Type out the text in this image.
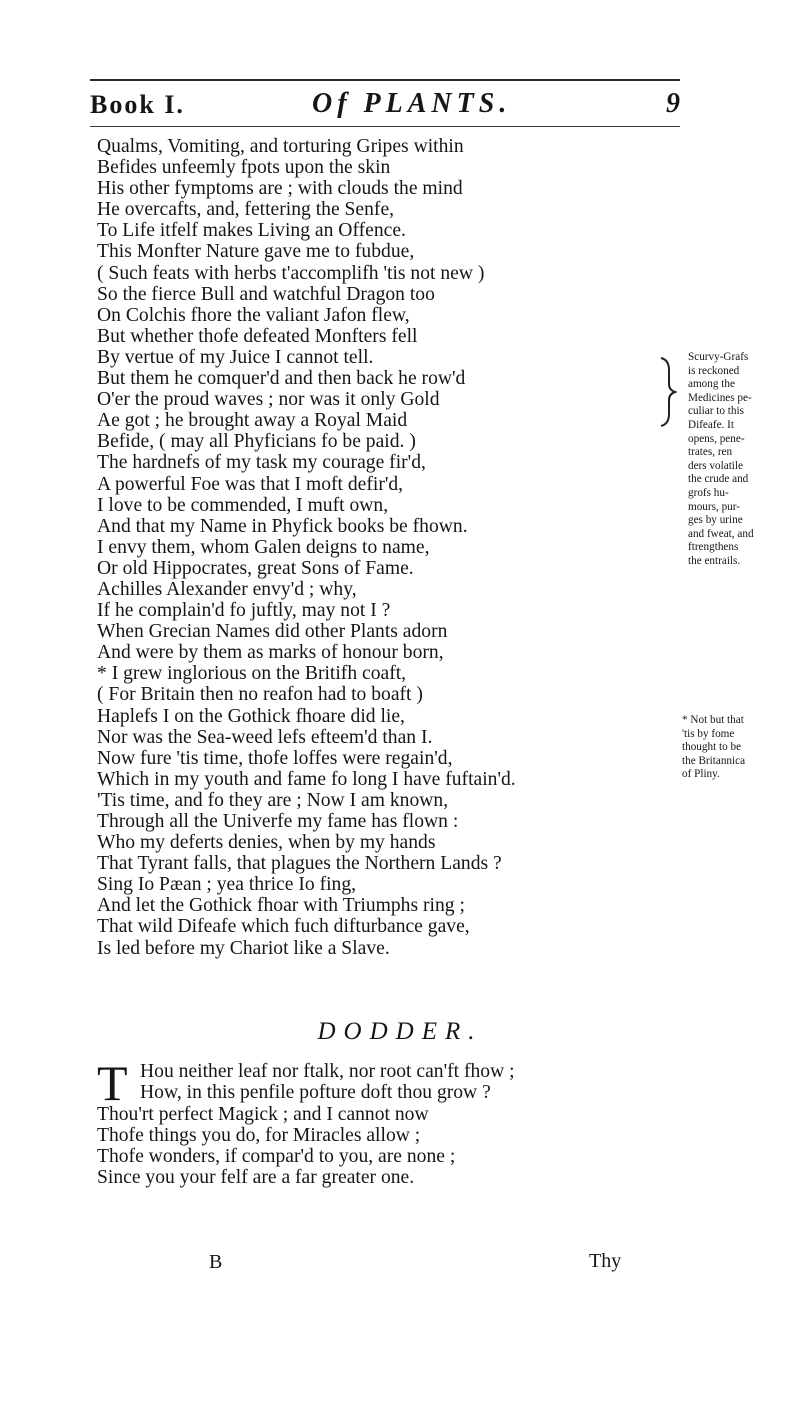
Book I.	Of PLANTS.	9
Qualms, Vomiting, and torturing Gripes within
Befides unfeemly fpots upon the skin
His other fymptoms are ; with clouds the mind
He overcafts, and, fettering the Senfe,
To Life itfelf makes Living an Offence.
This Monfter Nature gave me to fubdue,
( Such feats with herbs t'accomplifh 'tis not new )
So the fierce Bull and watchful Dragon too
On Colchis fhore the valiant Jafon flew,
But whether thofe defeated Monfters fell
By vertue of my Juice I cannot tell.
But them he comquer'd and then back he row'd
O'er the proud waves ; nor was it only Gold
Ae got ; he brought away a Royal Maid
Befide, ( may all Phyficians fo be paid. )
The hardnefs of my task my courage fir'd,
A powerful Foe was that I moft defir'd,
I love to be commended, I muft own,
And that my Name in Phyfick books be fhown.
I envy them, whom Galen deigns to name,
Or old Hippocrates, great Sons of Fame.
Achilles Alexander envy'd ; why,
If he complain'd fo juftly, may not I ?
When Grecian Names did other Plants adorn
And were by them as marks of honour born,
* I grew inglorious on the Britifh coaft,
( For Britain then no reafon had to boaft )
Haplefs I on the Gothick fhoare did lie,
Nor was the Sea-weed lefs efteem'd than I.
Now fure 'tis time, thofe loffes were regain'd,
Which in my youth and fame fo long I have fuftain'd.
'Tis time, and fo they are ; Now I am known,
Through all the Univerfe my fame has flown :
Who my deferts denies, when by my hands
That Tyrant falls, that plagues the Northern Lands ?
Sing Io Pæan ; yea thrice Io fing,
And let the Gothick fhoar with Triumphs ring ;
That wild Difeafe which fuch difturbance gave,
Is led before my Chariot like a Slave.
Scurvy-Grafs
is reckoned
among the
Medicines pe-
culiar to this
Difeafe. It
opens, pene-
trates, ren
ders volatile
the crude and
grofs hu-
mours, pur-
ges by urine
and fweat, and
ftrengthens
the entrails.
* Not but that
'tis by fome
thought to be
the Britannica
of Pliny.
DODDER.
T Hou neither leaf nor ftalk, nor root can'ft fhow ;
How, in this penfile pofture doft thou grow ?
Thou'rt perfect Magick ; and I cannot now
Thofe things you do, for Miracles allow ;
Thofe wonders, if compar'd to you, are none ;
Since you your felf are a far greater one.
B	Thy
